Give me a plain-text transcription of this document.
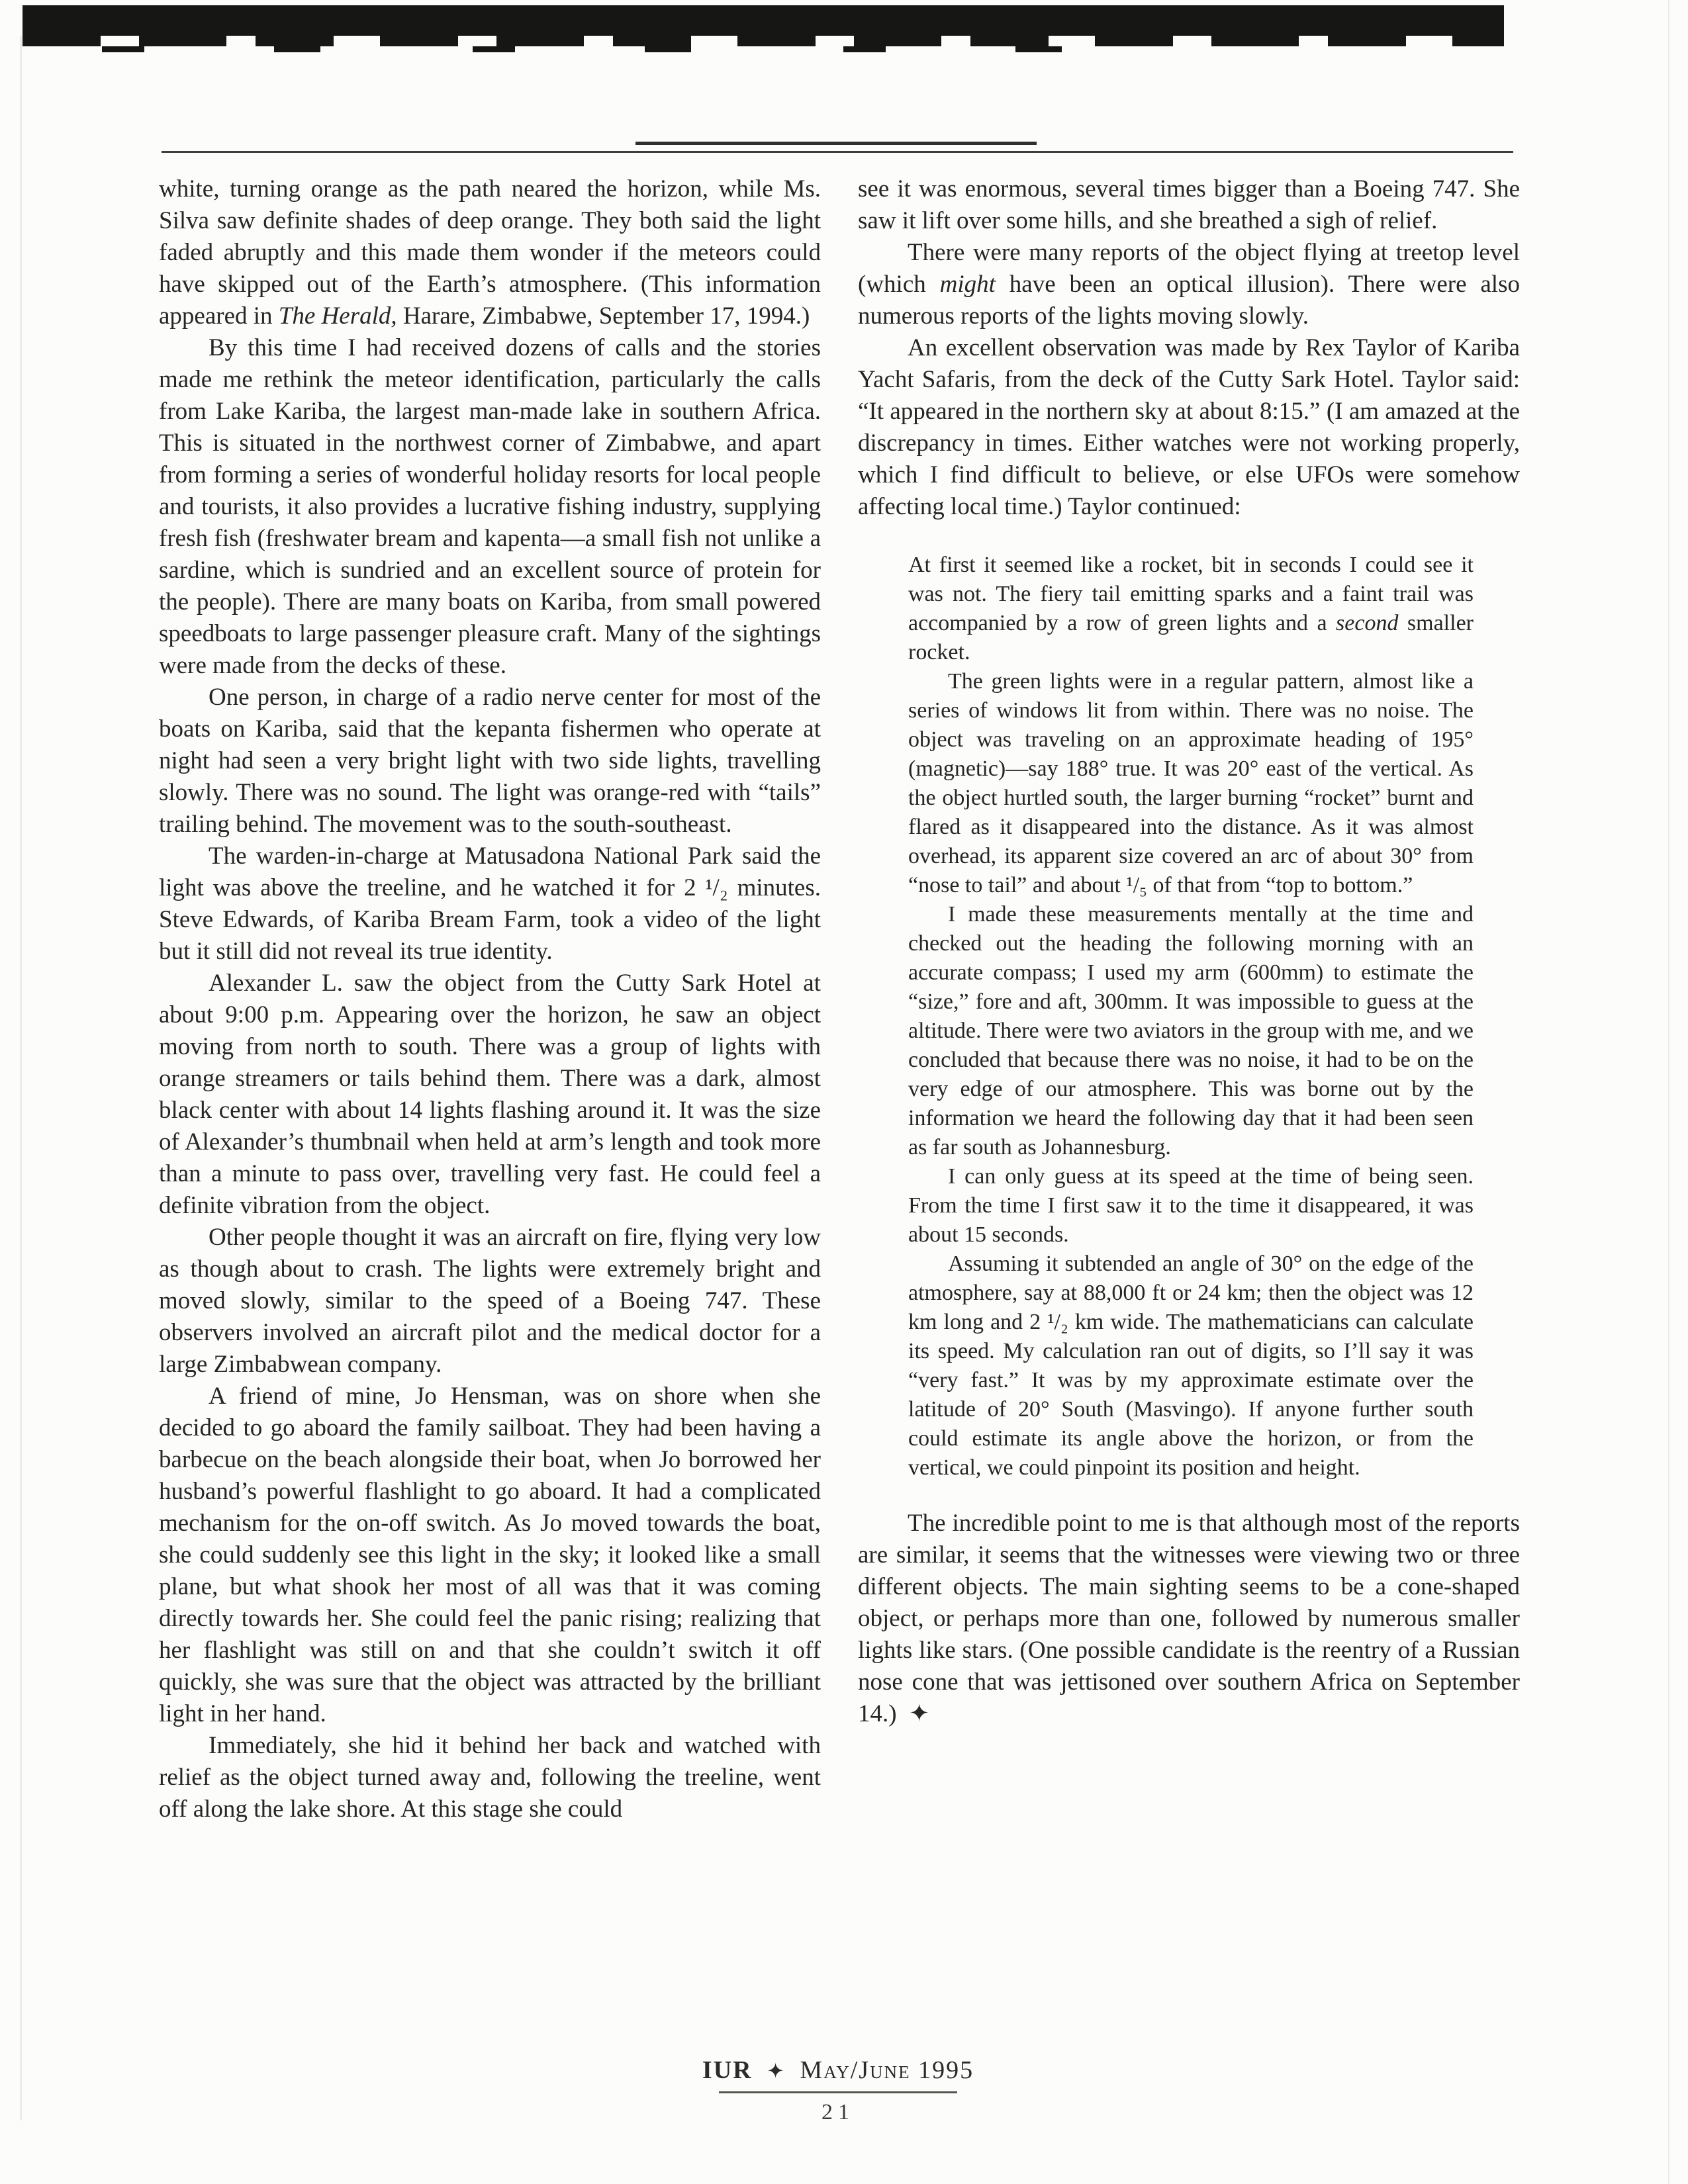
white, turning orange as the path neared the horizon, while Ms. Silva saw definite shades of deep orange. They both said the light faded abruptly and this made them wonder if the meteors could have skipped out of the Earth’s atmosphere. (This information appeared in The Herald, Harare, Zimbabwe, September 17, 1994.)

By this time I had received dozens of calls and the stories made me rethink the meteor identification, particularly the calls from Lake Kariba, the largest man-made lake in southern Africa. This is situated in the northwest corner of Zimbabwe, and apart from forming a series of wonderful holiday resorts for local people and tourists, it also provides a lucrative fishing industry, supplying fresh fish (freshwater bream and kapenta—a small fish not unlike a sardine, which is sundried and an excellent source of protein for the people). There are many boats on Kariba, from small powered speedboats to large passenger pleasure craft. Many of the sightings were made from the decks of these.

One person, in charge of a radio nerve center for most of the boats on Kariba, said that the kepanta fishermen who operate at night had seen a very bright light with two side lights, travelling slowly. There was no sound. The light was orange-red with “tails” trailing behind. The movement was to the south-southeast.

The warden-in-charge at Matusadona National Park said the light was above the treeline, and he watched it for 2 ¹/₂ minutes. Steve Edwards, of Kariba Bream Farm, took a video of the light but it still did not reveal its true identity.

Alexander L. saw the object from the Cutty Sark Hotel at about 9:00 p.m. Appearing over the horizon, he saw an object moving from north to south. There was a group of lights with orange streamers or tails behind them. There was a dark, almost black center with about 14 lights flashing around it. It was the size of Alexander’s thumbnail when held at arm’s length and took more than a minute to pass over, travelling very fast. He could feel a definite vibration from the object.

Other people thought it was an aircraft on fire, flying very low as though about to crash. The lights were extremely bright and moved slowly, similar to the speed of a Boeing 747. These observers involved an aircraft pilot and the medical doctor for a large Zimbabwean company.

A friend of mine, Jo Hensman, was on shore when she decided to go aboard the family sailboat. They had been having a barbecue on the beach alongside their boat, when Jo borrowed her husband’s powerful flashlight to go aboard. It had a complicated mechanism for the on-off switch. As Jo moved towards the boat, she could suddenly see this light in the sky; it looked like a small plane, but what shook her most of all was that it was coming directly towards her. She could feel the panic rising; realizing that her flashlight was still on and that she couldn’t switch it off quickly, she was sure that the object was attracted by the brilliant light in her hand.

Immediately, she hid it behind her back and watched with relief as the object turned away and, following the treeline, went off along the lake shore. At this stage she could

see it was enormous, several times bigger than a Boeing 747. She saw it lift over some hills, and she breathed a sigh of relief.

There were many reports of the object flying at treetop level (which might have been an optical illusion). There were also numerous reports of the lights moving slowly.

An excellent observation was made by Rex Taylor of Kariba Yacht Safaris, from the deck of the Cutty Sark Hotel. Taylor said: “It appeared in the northern sky at about 8:15.” (I am amazed at the discrepancy in times. Either watches were not working properly, which I find difficult to believe, or else UFOs were somehow affecting local time.) Taylor continued:

At first it seemed like a rocket, bit in seconds I could see it was not. The fiery tail emitting sparks and a faint trail was accompanied by a row of green lights and a second smaller rocket.

The green lights were in a regular pattern, almost like a series of windows lit from within. There was no noise. The object was traveling on an approximate heading of 195° (magnetic)—say 188° true. It was 20° east of the vertical. As the object hurtled south, the larger burning “rocket” burnt and flared as it disappeared into the distance. As it was almost overhead, its apparent size covered an arc of about 30° from “nose to tail” and about ¹/₅ of that from “top to bottom.”

I made these measurements mentally at the time and checked out the heading the following morning with an accurate compass; I used my arm (600mm) to estimate the “size,” fore and aft, 300mm. It was impossible to guess at the altitude. There were two aviators in the group with me, and we concluded that because there was no noise, it had to be on the very edge of our atmosphere. This was borne out by the information we heard the following day that it had been seen as far south as Johannesburg.

I can only guess at its speed at the time of being seen. From the time I first saw it to the time it disappeared, it was about 15 seconds.

Assuming it subtended an angle of 30° on the edge of the atmosphere, say at 88,000 ft or 24 km; then the object was 12 km long and 2 ¹/₂ km wide. The mathematicians can calculate its speed. My calculation ran out of digits, so I’ll say it was “very fast.” It was by my approximate estimate over the latitude of 20° South (Masvingo). If anyone further south could estimate its angle above the horizon, or from the vertical, we could pinpoint its position and height.

The incredible point to me is that although most of the reports are similar, it seems that the witnesses were viewing two or three different objects. The main sighting seems to be a cone-shaped object, or perhaps more than one, followed by numerous smaller lights like stars. (One possible candidate is the reentry of a Russian nose cone that was jettisoned over southern Africa on September 14.) ✦

IUR ✦ May/June 1995
21
